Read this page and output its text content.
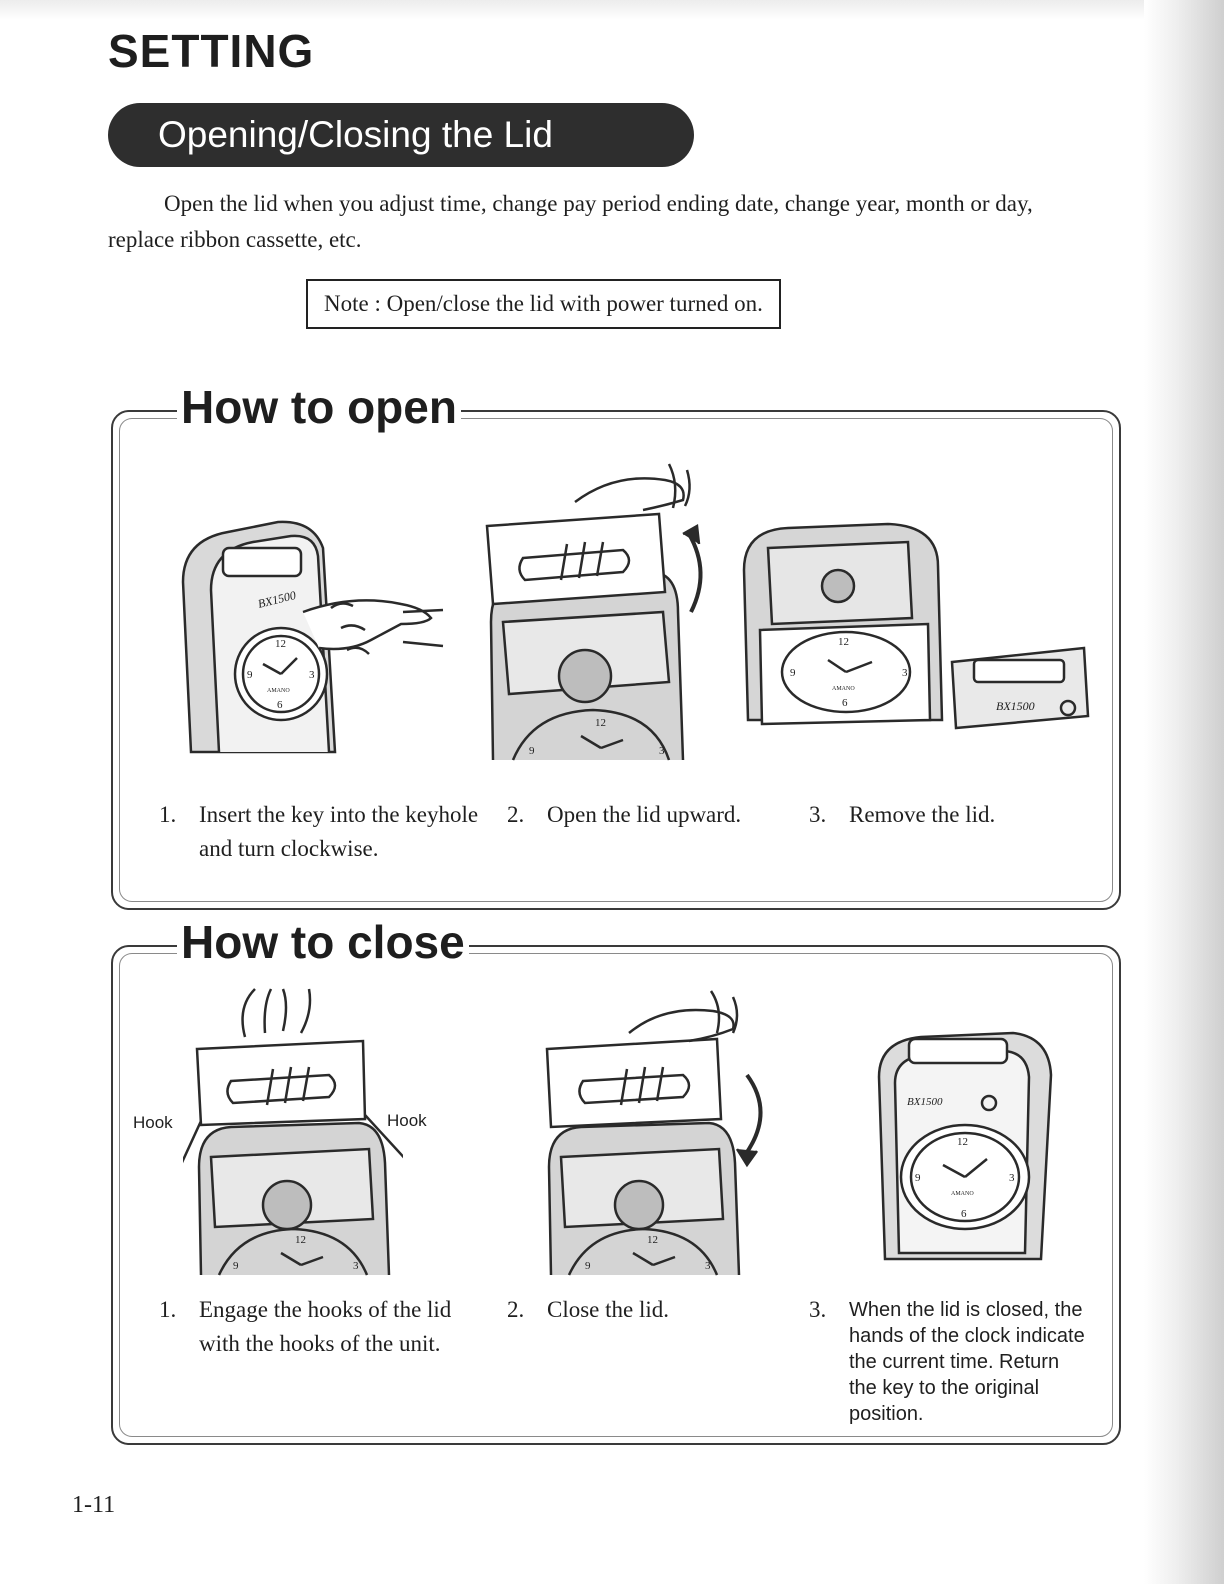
SETTING
Opening/Closing the Lid

Open the lid when you adjust time, change pay period ending date, change year, month or day, replace ribbon cassette, etc.

Note : Open/close the lid with power turned on.
How to open
BX1500
12
3
6
9
AMANO
12
3
9
12
3
6
9
AMANO
BX1500
1. Insert the key into the keyhole and turn clockwise.
2. Open the lid upward.	3. Remove the lid.
How to close
Hook	Hook
12
3
9
12
3
9
BX1500
12
3
6
9
AMANO
1. Engage the hooks of the lid with the hooks of the unit.
2. Close the lid.	3. When the lid is closed, the hands of the clock indicate the current time. Return the key to the original position.
1-11
